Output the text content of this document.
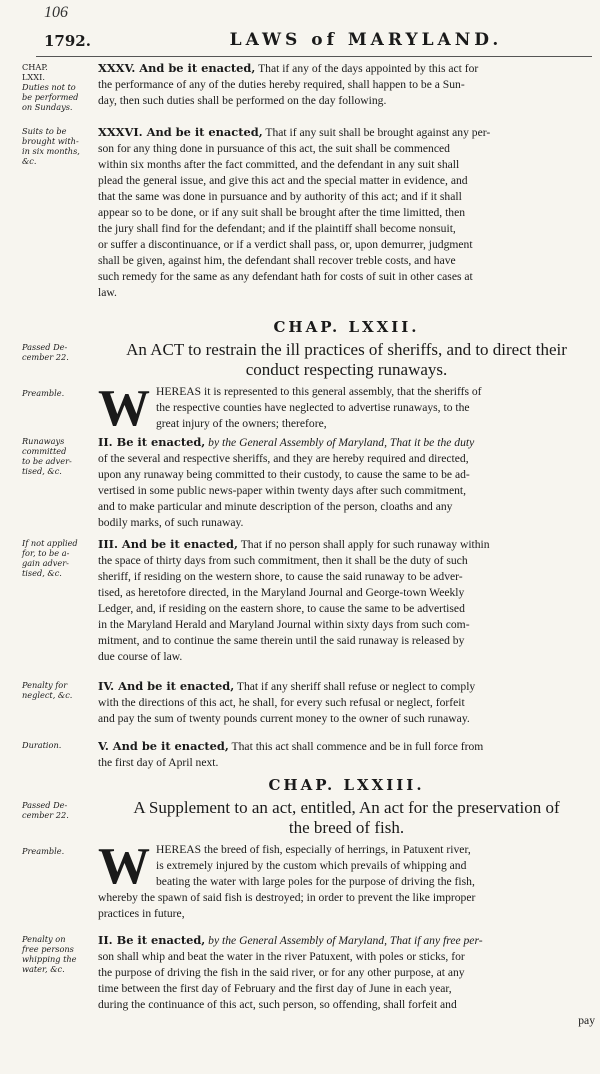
106
1792.	LAWS of MARYLAND.
CHAP.
LXXI.
Duties not to
be performed
on Sundays.
XXXV. And be it enacted, That if any of the days appointed by this act for
the performance of any of the duties hereby required, shall happen to be a Sun-
day, then such duties shall be performed on the day following.
Suits to be
brought with-
in six months,
&c.
XXXVI. And be it enacted, That if any suit shall be brought against any per-
son for any thing done in pursuance of this act, the suit shall be commenced
within six months after the fact committed, and the defendant in any suit shall
plead the general issue, and give this act and the special matter in evidence, and
that the same was done in pursuance and by authority of this act; and if it shall
appear so to be done, or if any suit shall be brought after the time limitted, then
the jury shall find for the defendant; and if the plaintiff shall become nonsuit,
or suffer a discontinuance, or if a verdict shall pass, or, upon demurrer, judgment
shall be given, against him, the defendant shall recover treble costs, and have
such remedy for the same as any defendant hath for costs of suit in other cases at
law.
CHAP. LXXII.
Passed De-
cember 22.	An ACT to restrain the ill practices of sheriffs, and to direct their
conduct respecting runaways.
Preamble. W HEREAS it is represented to this general assembly, that the sheriffs of
the respective counties have neglected to advertise runaways, to the
great injury of the owners; therefore,
Runaways
committed
to be adver-
tised, &c.
II. Be it enacted, by the General Assembly of Maryland, That it be the duty
of the several and respective sheriffs, and they are hereby required and directed,
upon any runaway being committed to their custody, to cause the same to be ad-
vertised in some public news-paper within twenty days after such commitment,
and to make particular and minute description of the person, cloaths and any
bodily marks, of such runaway.
If not applied
for, to be a-
gain adver-
tised, &c.
III. And be it enacted, That if no person shall apply for such runaway within
the space of thirty days from such commitment, then it shall be the duty of such
sheriff, if residing on the western shore, to cause the said runaway to be adver-
tised, as heretofore directed, in the Maryland Journal and George-town Weekly
Ledger, and, if residing on the eastern shore, to cause the same to be advertised
in the Maryland Herald and Maryland Journal within sixty days from such com-
mitment, and to continue the same therein until the said runaway is released by
due course of law.
Penalty for
neglect, &c.
IV. And be it enacted, That if any sheriff shall refuse or neglect to comply
with the directions of this act, he shall, for every such refusal or neglect, forfeit
and pay the sum of twenty pounds current money to the owner of such runaway.
Duration.	V. And be it enacted, That this act shall commence and be in full force from
the first day of April next.
CHAP. LXXIII.
Passed De-
cember 22.	A Supplement to an act, entitled, An act for the preservation of
the breed of fish.
Preamble. W HEREAS the breed of fish, especially of herrings, in Patuxent river,
is extremely injured by the custom which prevails of whipping and
beating the water with large poles for the purpose of driving the fish,
whereby the spawn of said fish is destroyed; in order to prevent the like improper
practices in future,
Penalty on
free persons
whipping the
water, &c.
II. Be it enacted, by the General Assembly of Maryland, That if any free per-
son shall whip and beat the water in the river Patuxent, with poles or sticks, for
the purpose of driving the fish in the said river, or for any other purpose, at any
time between the first day of February and the first day of June in each year,
during the continuance of this act, such person, so offending, shall forfeit and
pay
